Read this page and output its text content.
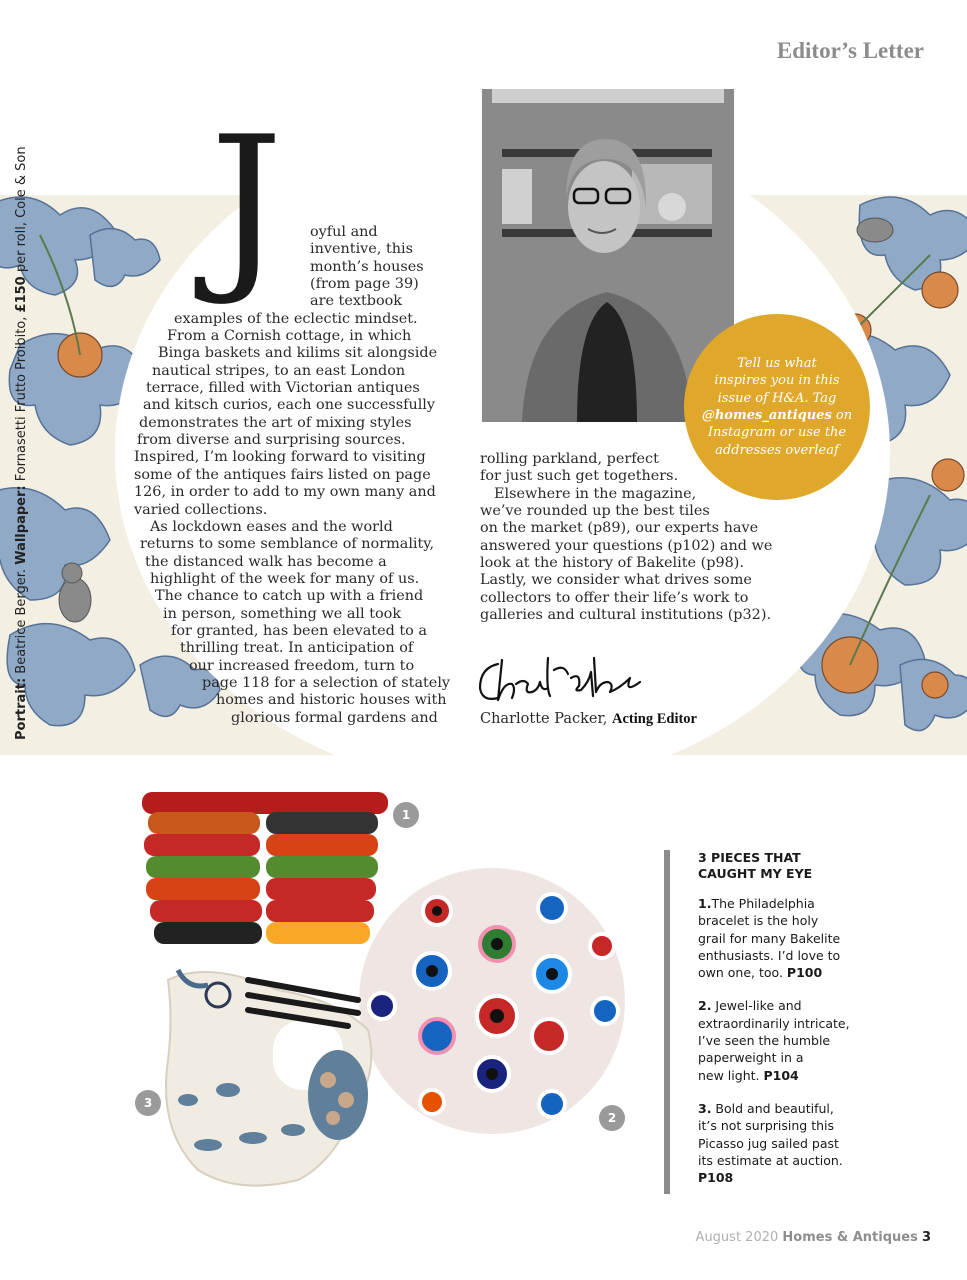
Editor’s Letter
Portrait: Beatrice Berger. Wallpaper: Fornasetti Frutto Proibito, £150 per roll, Cole & Son J oyful and
inventive, this
month’s houses
(from page 39)
are textbook
examples of the eclectic mindset.
From a Cornish cottage, in which
Binga baskets and kilims sit alongside
nautical stripes, to an east London
terrace, filled with Victorian antiques
and kitsch curios, each one successfully
demonstrates the art of mixing styles
from diverse and surprising sources.
Inspired, I’m looking forward to visiting
some of the antiques fairs listed on page
126, in order to add to my own many and
varied collections.
As lockdown eases and the world
returns to some semblance of normality,
the distanced walk has become a
highlight of the week for many of us.
The chance to catch up with a friend
in person, something we all took
for granted, has been elevated to a
thrilling treat. In anticipation of
our increased freedom, turn to
page 118 for a selection of stately
homes and historic houses with
glorious formal gardens and
rolling parkland, perfect
for just such get togethers.
Elsewhere in the magazine,
we’ve rounded up the best tiles
on the market (p89), our experts have
answered your questions (p102) and we
look at the history of Bakelite (p98).
Lastly, we consider what drives some
collectors to offer their life’s work to
galleries and cultural institutions (p32).
Tell us what
inspires you in this
issue of H&A. Tag
@homes_antiques on
Instagram or use the
addresses overleaf
Charlotte Packer, Acting Editor
1
2
3
3 PIECES THAT
CAUGHT MY EYE
1.The Philadelphia
bracelet is the holy
grail for many Bakelite
enthusiasts. I’d love to
own one, too. P100
2. Jewel-like and
extraordinarily intricate,
I’ve seen the humble
paperweight in a
new light. P104
3. Bold and beautiful,
it’s not surprising this
Picasso jug sailed past
its estimate at auction.
P108
August 2020 Homes & Antiques 3
